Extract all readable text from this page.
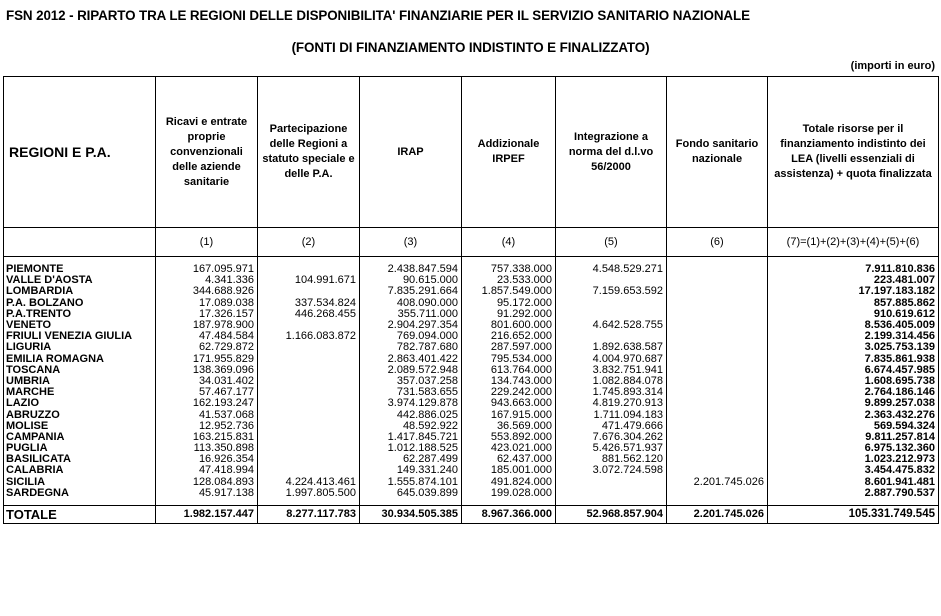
FSN 2012 - RIPARTO TRA LE REGIONI DELLE DISPONIBILITA' FINANZIARIE PER IL SERVIZIO SANITARIO NAZIONALE
(FONTI DI FINANZIAMENTO INDISTINTO E FINALIZZATO)
(importi in euro)
REGIONI E P.A.	Ricavi e entrate proprie convenzionali delle aziende sanitarie	Partecipazione delle Regioni a statuto speciale e delle P.A.	IRAP	Addizionale IRPEF	Integrazione a norma del d.l.vo 56/2000	Fondo sanitario nazionale	Totale risorse per il finanziamento indistinto dei LEA (livelli essenziali di assistenza) + quota finalizzata
	(1)	(2)	(3)	(4)	(5)	(6)	(7)=(1)+(2)+(3)+(4)+(5)+(6)

PIEMONTE	167.095.971		2.438.847.594	757.338.000	4.548.529.271		7.911.810.836
VALLE D'AOSTA	4.341.336	104.991.671	90.615.000	23.533.000			223.481.007
LOMBARDIA	344.688.926		7.835.291.664	1.857.549.000	7.159.653.592		17.197.183.182
P.A. BOLZANO	17.089.038	337.534.824	408.090.000	95.172.000			857.885.862
P.A.TRENTO	17.326.157	446.268.455	355.711.000	91.292.000			910.619.612
VENETO	187.978.900		2.904.297.354	801.600.000	4.642.528.755		8.536.405.009
FRIULI VENEZIA GIULIA	47.484.584	1.166.083.872	769.094.000	216.652.000			2.199.314.456
LIGURIA	62.729.872		782.787.680	287.597.000	1.892.638.587		3.025.753.139
EMILIA ROMAGNA	171.955.829		2.863.401.422	795.534.000	4.004.970.687		7.835.861.938
TOSCANA	138.369.096		2.089.572.948	613.764.000	3.832.751.941		6.674.457.985
UMBRIA	34.031.402		357.037.258	134.743.000	1.082.884.078		1.608.695.738
MARCHE	57.467.177		731.583.655	229.242.000	1.745.893.314		2.764.186.146
LAZIO	162.193.247		3.974.129.878	943.663.000	4.819.270.913		9.899.257.038
ABRUZZO	41.537.068		442.886.025	167.915.000	1.711.094.183		2.363.432.276
MOLISE	12.952.736		48.592.922	36.569.000	471.479.666		569.594.324
CAMPANIA	163.215.831		1.417.845.721	553.892.000	7.676.304.262		9.811.257.814
PUGLIA	113.350.898		1.012.188.525	423.021.000	5.426.571.937		6.975.132.360
BASILICATA	16.926.354		62.287.499	62.437.000	881.562.120		1.023.212.973
CALABRIA	47.418.994		149.331.240	185.001.000	3.072.724.598		3.454.475.832
SICILIA	128.084.893	4.224.413.461	1.555.874.101	491.824.000		2.201.745.026	8.601.941.481
SARDEGNA	45.917.138	1.997.805.500	645.039.899	199.028.000			2.887.790.537

TOTALE	1.982.157.447	8.277.117.783	30.934.505.385	8.967.366.000	52.968.857.904	2.201.745.026	105.331.749.545
